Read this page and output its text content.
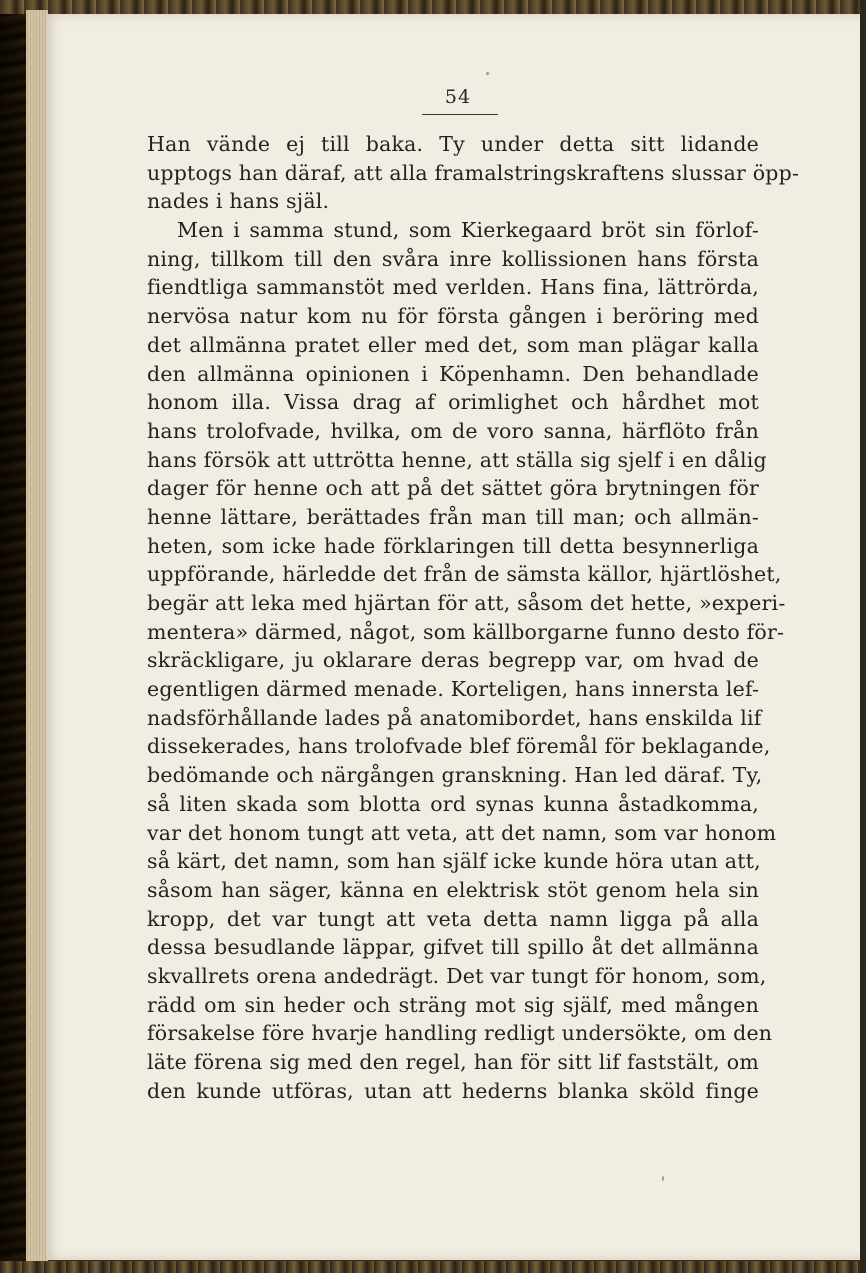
54
Han vände ej till baka. Ty under detta sitt lidande
upptogs han däraf, att alla framalstringskraftens slussar öpp-
nades i hans själ.
Men i samma stund, som Kierkegaard bröt sin förlof-
ning, tillkom till den svåra inre kollissionen hans första
fiendtliga sammanstöt med verlden. Hans fina, lättrörda,
nervösa natur kom nu för första gången i beröring med
det allmänna pratet eller med det, som man plägar kalla
den allmänna opinionen i Köpenhamn. Den behandlade
honom illa. Vissa drag af orimlighet och hårdhet mot
hans trolofvade, hvilka, om de voro sanna, härflöto från
hans försök att uttrötta henne, att ställa sig sjelf i en dålig
dager för henne och att på det sättet göra brytningen för
henne lättare, berättades från man till man; och allmän-
heten, som icke hade förklaringen till detta besynnerliga
uppförande, härledde det från de sämsta källor, hjärtlöshet,
begär att leka med hjärtan för att, såsom det hette, »experi-
mentera» därmed, något, som källborgarne funno desto för-
skräckligare, ju oklarare deras begrepp var, om hvad de
egentligen därmed menade. Korteligen, hans innersta lef-
nadsförhållande lades på anatomibordet, hans enskilda lif
dissekerades, hans trolofvade blef föremål för beklagande,
bedömande och närgången granskning. Han led däraf. Ty,
så liten skada som blotta ord synas kunna åstadkomma,
var det honom tungt att veta, att det namn, som var honom
så kärt, det namn, som han själf icke kunde höra utan att,
såsom han säger, känna en elektrisk stöt genom hela sin
kropp, det var tungt att veta detta namn ligga på alla
dessa besudlande läppar, gifvet till spillo åt det allmänna
skvallrets orena andedrägt. Det var tungt för honom, som,
rädd om sin heder och sträng mot sig själf, med mången
försakelse före hvarje handling redligt undersökte, om den
läte förena sig med den regel, han för sitt lif faststält, om
den kunde utföras, utan att hederns blanka sköld finge
